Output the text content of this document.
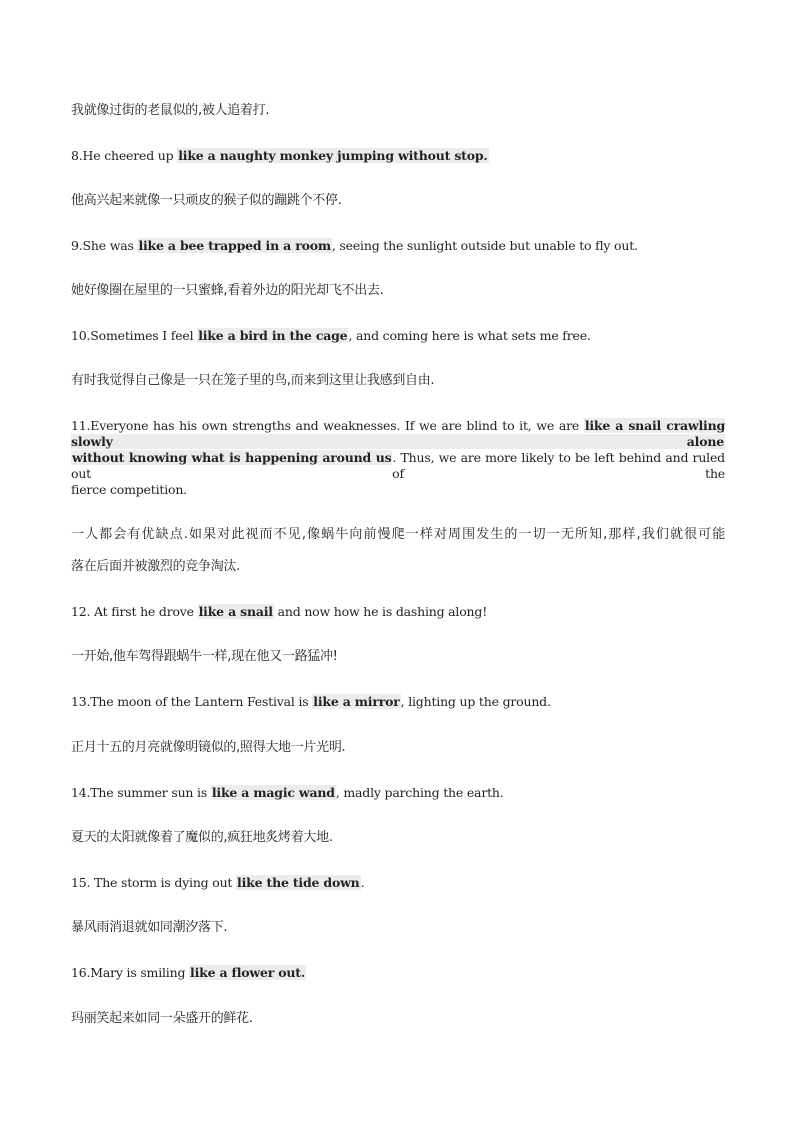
我就像过街的老鼠似的,被人追着打.
8.He cheered up like a naughty monkey jumping without stop.
他高兴起来就像一只顽皮的猴子似的蹦跳个不停.
9.She was like a bee trapped in a room, seeing the sunlight outside but unable to fly out.
她好像圈在屋里的一只蜜蜂,看着外边的阳光却飞不出去.
10.Sometimes I feel like a bird in the cage, and coming here is what sets me free.
有时我觉得自己像是一只在笼子里的鸟,而来到这里让我感到自由.
11.Everyone has his own strengths and weaknesses. If we are blind to it, we are like a snail crawling slowly alone
without knowing what is happening around us. Thus, we are more likely to be left behind and ruled out of the
fierce competition.
一人都会有优缺点.如果对此视而不见,像蜗牛向前慢爬一样对周围发生的一切一无所知,那样,我们就很可能
落在后面并被激烈的竞争淘汰.
12. At first he drove like a snail and now how he is dashing along!
一开始,他车驾得跟蜗牛一样,现在他又一路猛冲!
13.The moon of the Lantern Festival is like a mirror, lighting up the ground.
正月十五的月亮就像明镜似的,照得大地一片光明.
14.The summer sun is like a magic wand, madly parching the earth.
夏天的太阳就像着了魔似的,疯狂地炙烤着大地.
15. The storm is dying out like the tide down.
暴风雨消退就如同潮汐落下.
16.Mary is smiling like a flower out.
玛丽笑起来如同一朵盛开的鲜花.
